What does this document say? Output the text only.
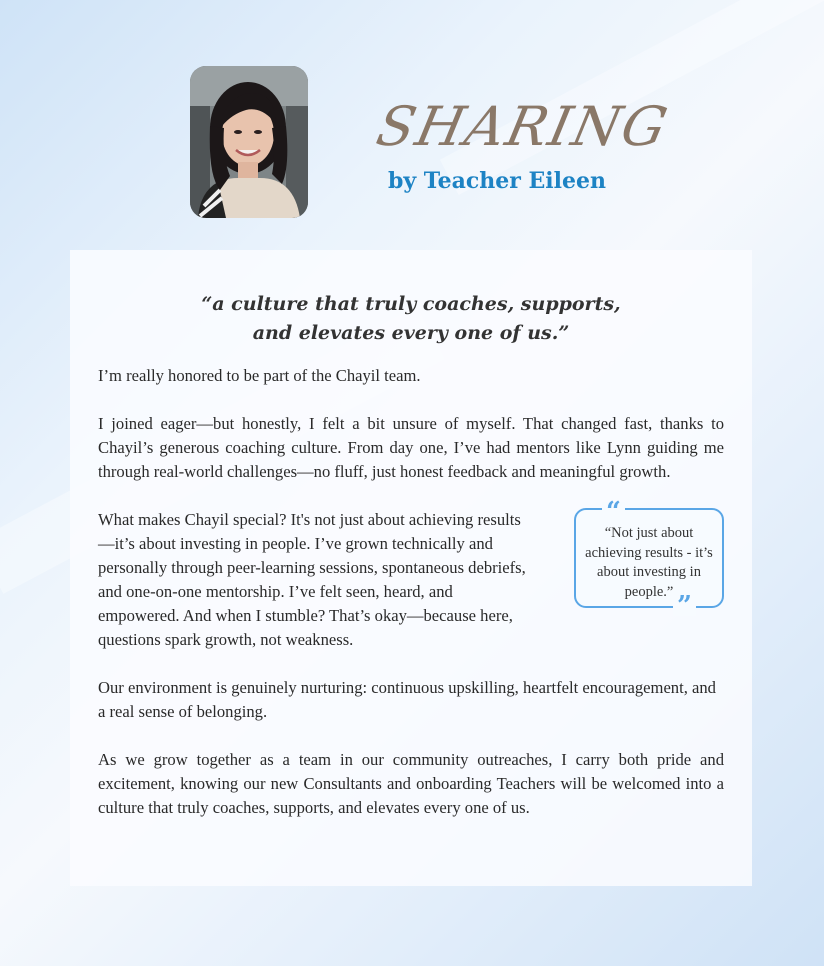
SHARING
by Teacher Eileen
“a culture that truly coaches, supports,
and elevates every one of us.”

I’m really honored to be part of the Chayil team.

I joined eager—but honestly, I felt a bit unsure of myself. That changed fast, thanks to Chayil’s generous coaching culture. From day one, I’ve had mentors like Lynn guiding me through real-world challenges—no fluff, just honest feedback and meaningful growth.

“
“Not just about achieving results - it’s about investing in people.” ”

What makes Chayil special? It's not just about achieving results—it’s about investing in people. I’ve grown technically and personally through peer-learning sessions, spontaneous debriefs, and one-on-one mentorship. I’ve felt seen, heard, and empowered. And when I stumble? That’s okay—because here, questions spark growth, not weakness.

Our environment is genuinely nurturing: continuous upskilling, heartfelt encouragement, and a real sense of belonging.

As we grow together as a team in our community outreaches, I carry both pride and excitement, knowing our new Consultants and onboarding Teachers will be welcomed into a culture that truly coaches, supports, and elevates every one of us.
